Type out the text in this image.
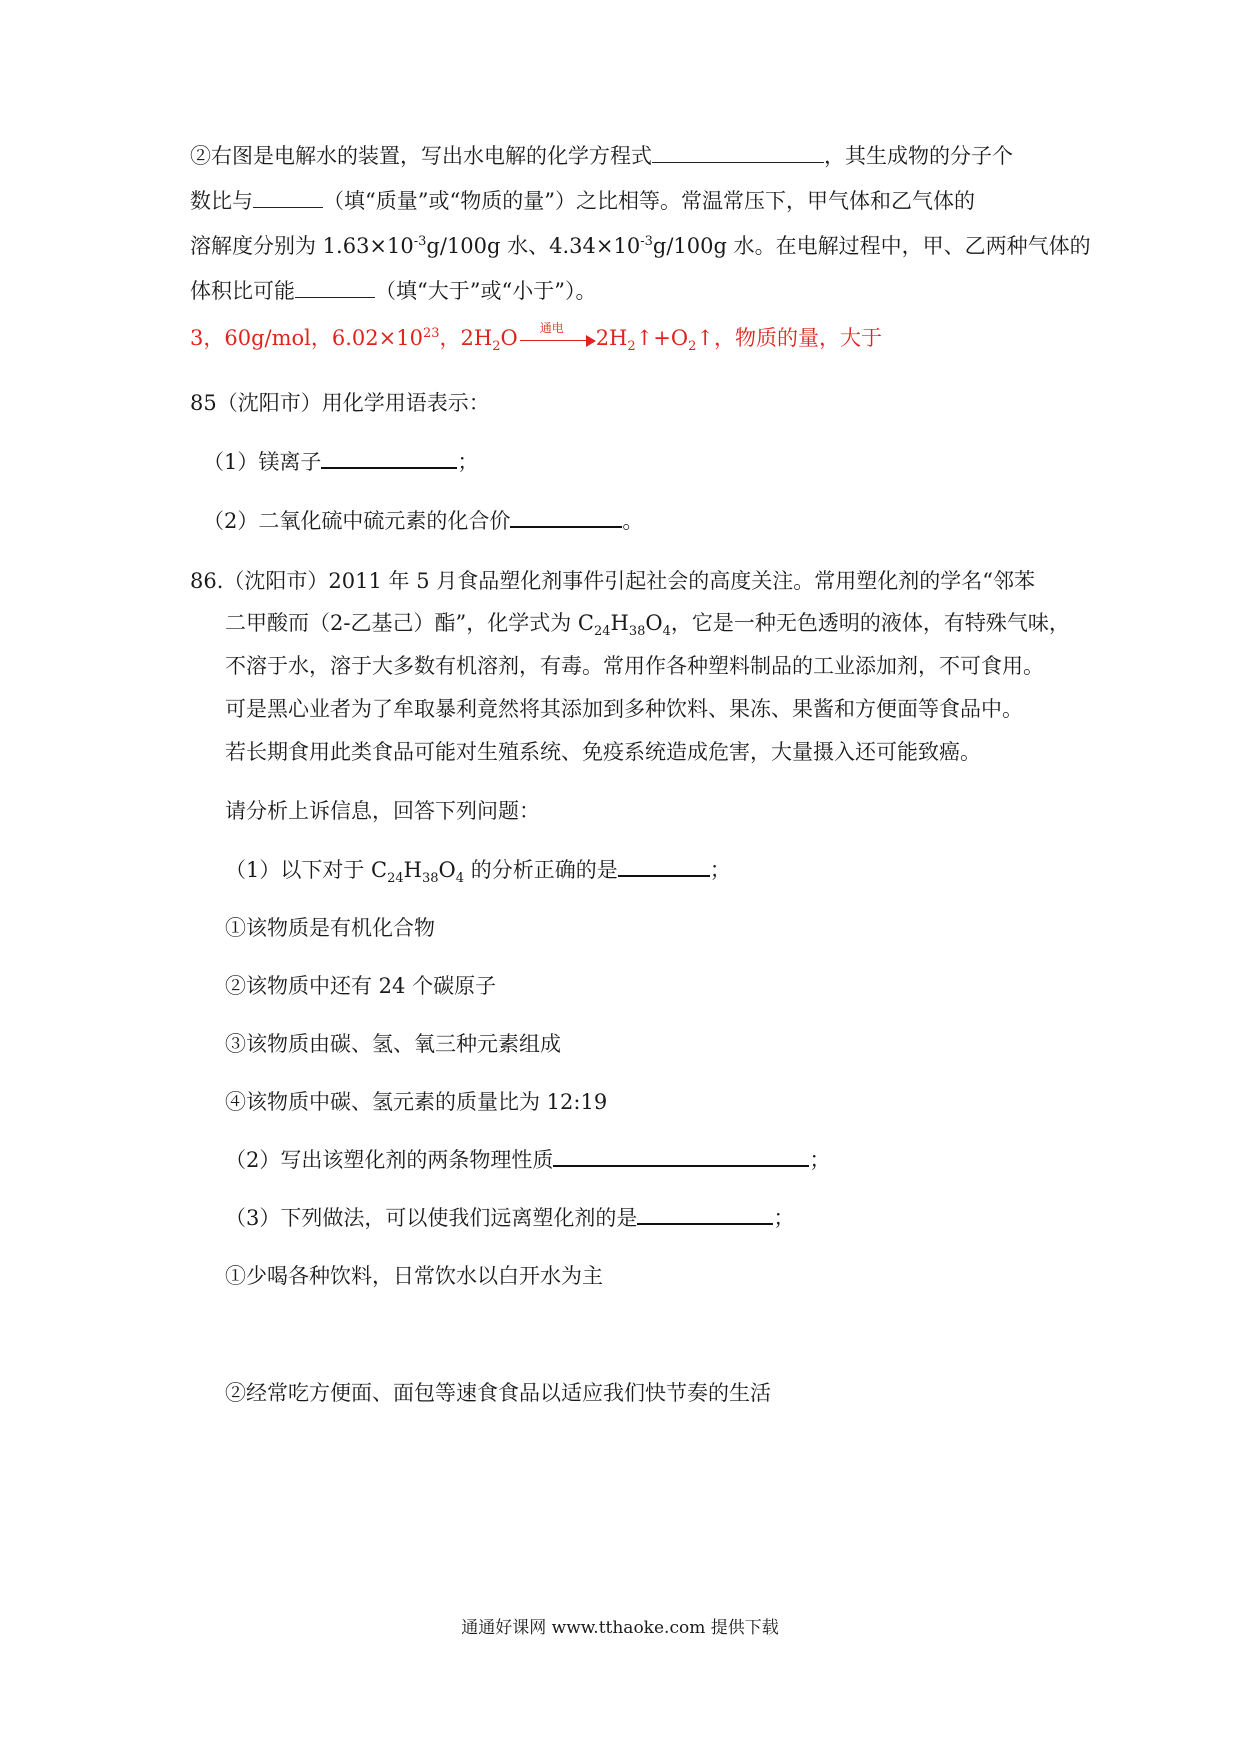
②右图是电解水的装置，写出水电解的化学方程式	，其生成物的分子个
数比与	（填“质量”或“物质的量”）之比相等。常温常压下，甲气体和乙气体的
溶解度分别为 $1.63\times 10^{-3}g/100g$ 水、$4.34\times 10^{-3}g/100g$ 水。在电解过程中，甲、乙两种气体的
体积比可能	（填“大于”或“小于”）。
3，60g/mol，$6.02\times 10^{23}$，$2H_2O$ 通电 $2H_2↑+O_2↑$，物质的量，大于
85（沈阳市）用化学用语表示：
（1）镁离子	；
（2）二氧化硫中硫元素的化合价	。
86.（沈阳市）2011 年 5 月食品塑化剂事件引起社会的高度关注。常用塑化剂的学名“邻苯
二甲酸而（2-乙基己）酯”，化学式为 $C_{24}H_{38}O_4$，它是一种无色透明的液体，有特殊气味，
不溶于水，溶于大多数有机溶剂，有毒。常用作各种塑料制品的工业添加剂，不可食用。
可是黑心业者为了牟取暴利竟然将其添加到多种饮料、果冻、果酱和方便面等食品中。
若长期食用此类食品可能对生殖系统、免疫系统造成危害，大量摄入还可能致癌。
请分析上诉信息，回答下列问题：
（1）以下对于 $C_{24}H_{38}O_4$ 的分析正确的是	；
①该物质是有机化合物
②该物质中还有 24 个碳原子
③该物质由碳、氢、氧三种元素组成
④该物质中碳、氢元素的质量比为 12:19
（2）写出该塑化剂的两条物理性质	；
（3）下列做法，可以使我们远离塑化剂的是	；
①少喝各种饮料，日常饮水以白开水为主
②经常吃方便面、面包等速食食品以适应我们快节奏的生活
通通好课网 www.tthaoke.com 提供下载
